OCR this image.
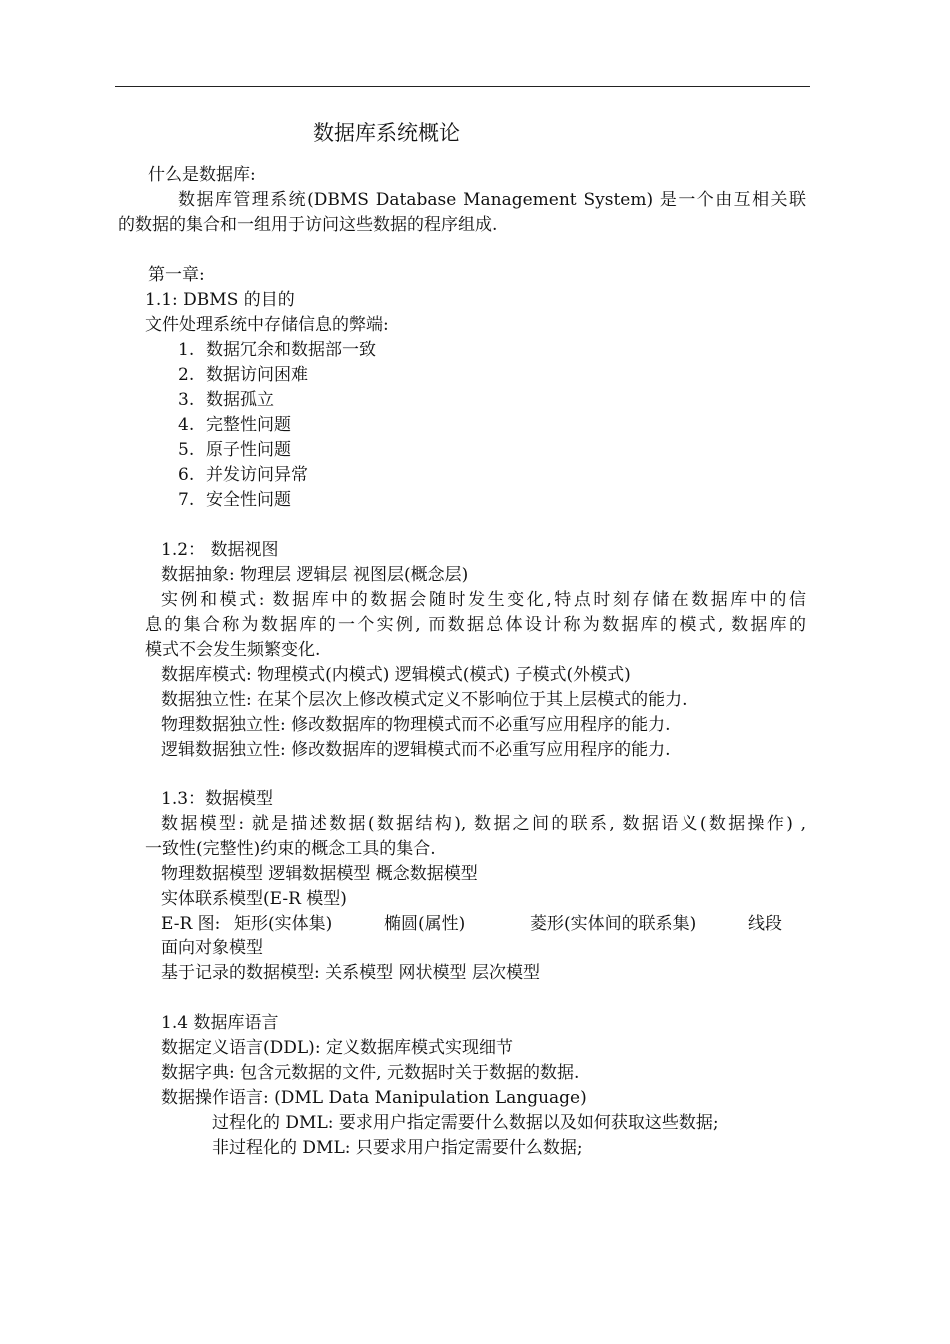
数据库系统概论
什么是数据库:
数据库管理系统(DBMS Database Management System) 是一个由互相关联
的数据的集合和一组用于访问这些数据的程序组成.
第一章:
1.1: DBMS 的目的
文件处理系统中存储信息的弊端:
1. 数据冗余和数据部一致
2. 数据访问困难
3. 数据孤立
4. 完整性问题
5. 原子性问题
6. 并发访问异常
7. 安全性问题
1.2： 数据视图
数据抽象: 物理层 逻辑层 视图层(概念层)
实例和模式: 数据库中的数据会随时发生变化,特点时刻存储在数据库中的信
息的集合称为数据库的一个实例, 而数据总体设计称为数据库的模式, 数据库的
模式不会发生频繁变化.
数据库模式: 物理模式(内模式) 逻辑模式(模式) 子模式(外模式)
数据独立性: 在某个层次上修改模式定义不影响位于其上层模式的能力.
物理数据独立性: 修改数据库的物理模式而不必重写应用程序的能力.
逻辑数据独立性: 修改数据库的逻辑模式而不必重写应用程序的能力.
1.3：数据模型
数据模型: 就是描述数据(数据结构), 数据之间的联系, 数据语义(数据操作) ,
一致性(完整性)约束的概念工具的集合.
物理数据模型 逻辑数据模型 概念数据模型
实体联系模型(E-R 模型)
E-R 图: 矩形(实体集)	椭圆(属性)	菱形(实体间的联系集)	线段
面向对象模型
基于记录的数据模型: 关系模型 网状模型 层次模型
1.4 数据库语言
数据定义语言(DDL): 定义数据库模式实现细节
数据字典: 包含元数据的文件, 元数据时关于数据的数据.
数据操作语言: (DML Data Manipulation Language)
过程化的 DML: 要求用户指定需要什么数据以及如何获取这些数据;
非过程化的 DML: 只要求用户指定需要什么数据;
